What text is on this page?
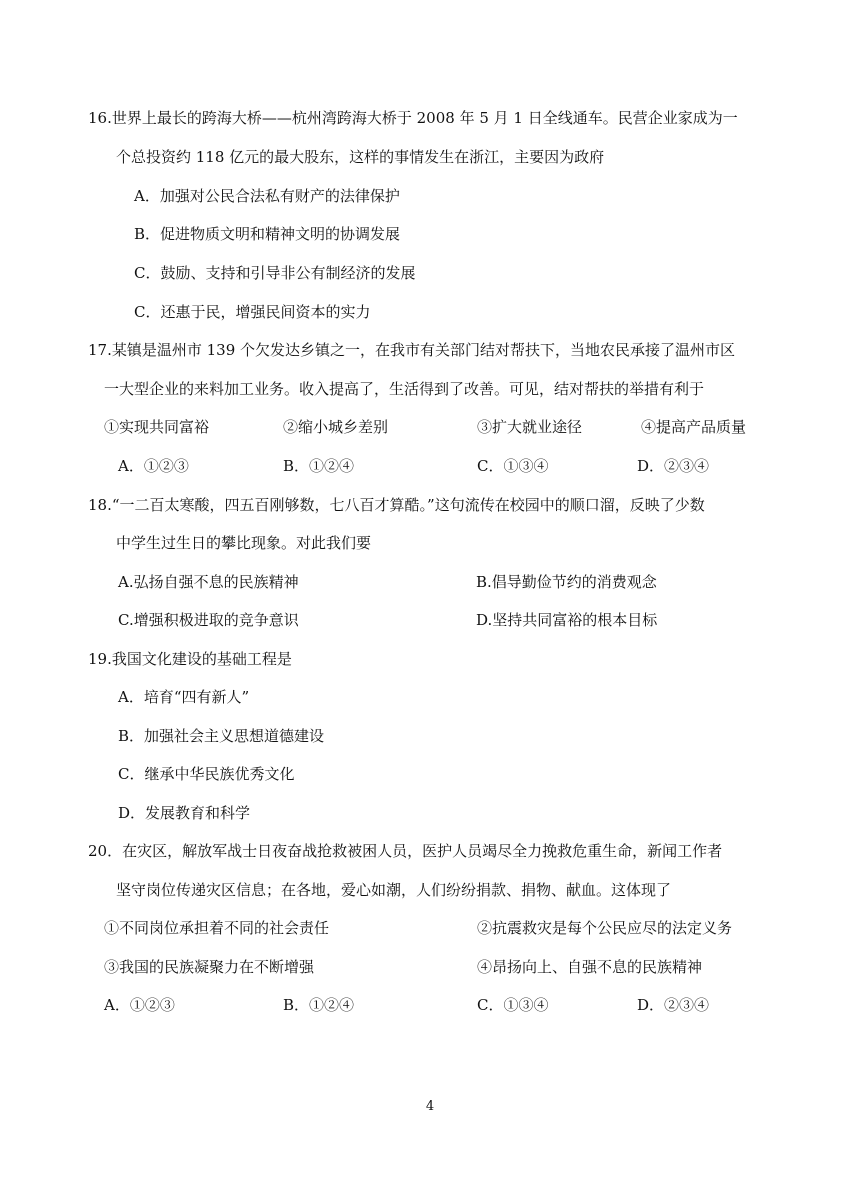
16.世界上最长的跨海大桥——杭州湾跨海大桥于 2008 年 5 月 1 日全线通车。民营企业家成为一
个总投资约 118 亿元的最大股东，这样的事情发生在浙江，主要因为政府
A．加强对公民合法私有财产的法律保护
B．促进物质文明和精神文明的协调发展
C．鼓励、支持和引导非公有制经济的发展
C．还惠于民，增强民间资本的实力
17.某镇是温州市 139 个欠发达乡镇之一，在我市有关部门结对帮扶下，当地农民承接了温州市区
一大型企业的来料加工业务。收入提高了，生活得到了改善。可见，结对帮扶的举措有利于
①实现共同富裕	②缩小城乡差别	③扩大就业途径	④提高产品质量
A．①②③	B．①②④	C．①③④	D．②③④
18.“一二百太寒酸，四五百刚够数，七八百才算酷。”这句流传在校园中的顺口溜，反映了少数
中学生过生日的攀比现象。对此我们要
A.弘扬自强不息的民族精神	B.倡导勤俭节约的消费观念
C.增强积极进取的竞争意识	D.坚持共同富裕的根本目标
19.我国文化建设的基础工程是
A．培育“四有新人”
B．加强社会主义思想道德建设
C．继承中华民族优秀文化
D．发展教育和科学
20．在灾区，解放军战士日夜奋战抢救被困人员，医护人员竭尽全力挽救危重生命，新闻工作者
坚守岗位传递灾区信息；在各地，爱心如潮，人们纷纷捐款、捐物、献血。这体现了
①不同岗位承担着不同的社会责任	②抗震救灾是每个公民应尽的法定义务
③我国的民族凝聚力在不断增强	④昂扬向上、自强不息的民族精神
A．①②③	B．①②④	C．①③④	D．②③④
4
